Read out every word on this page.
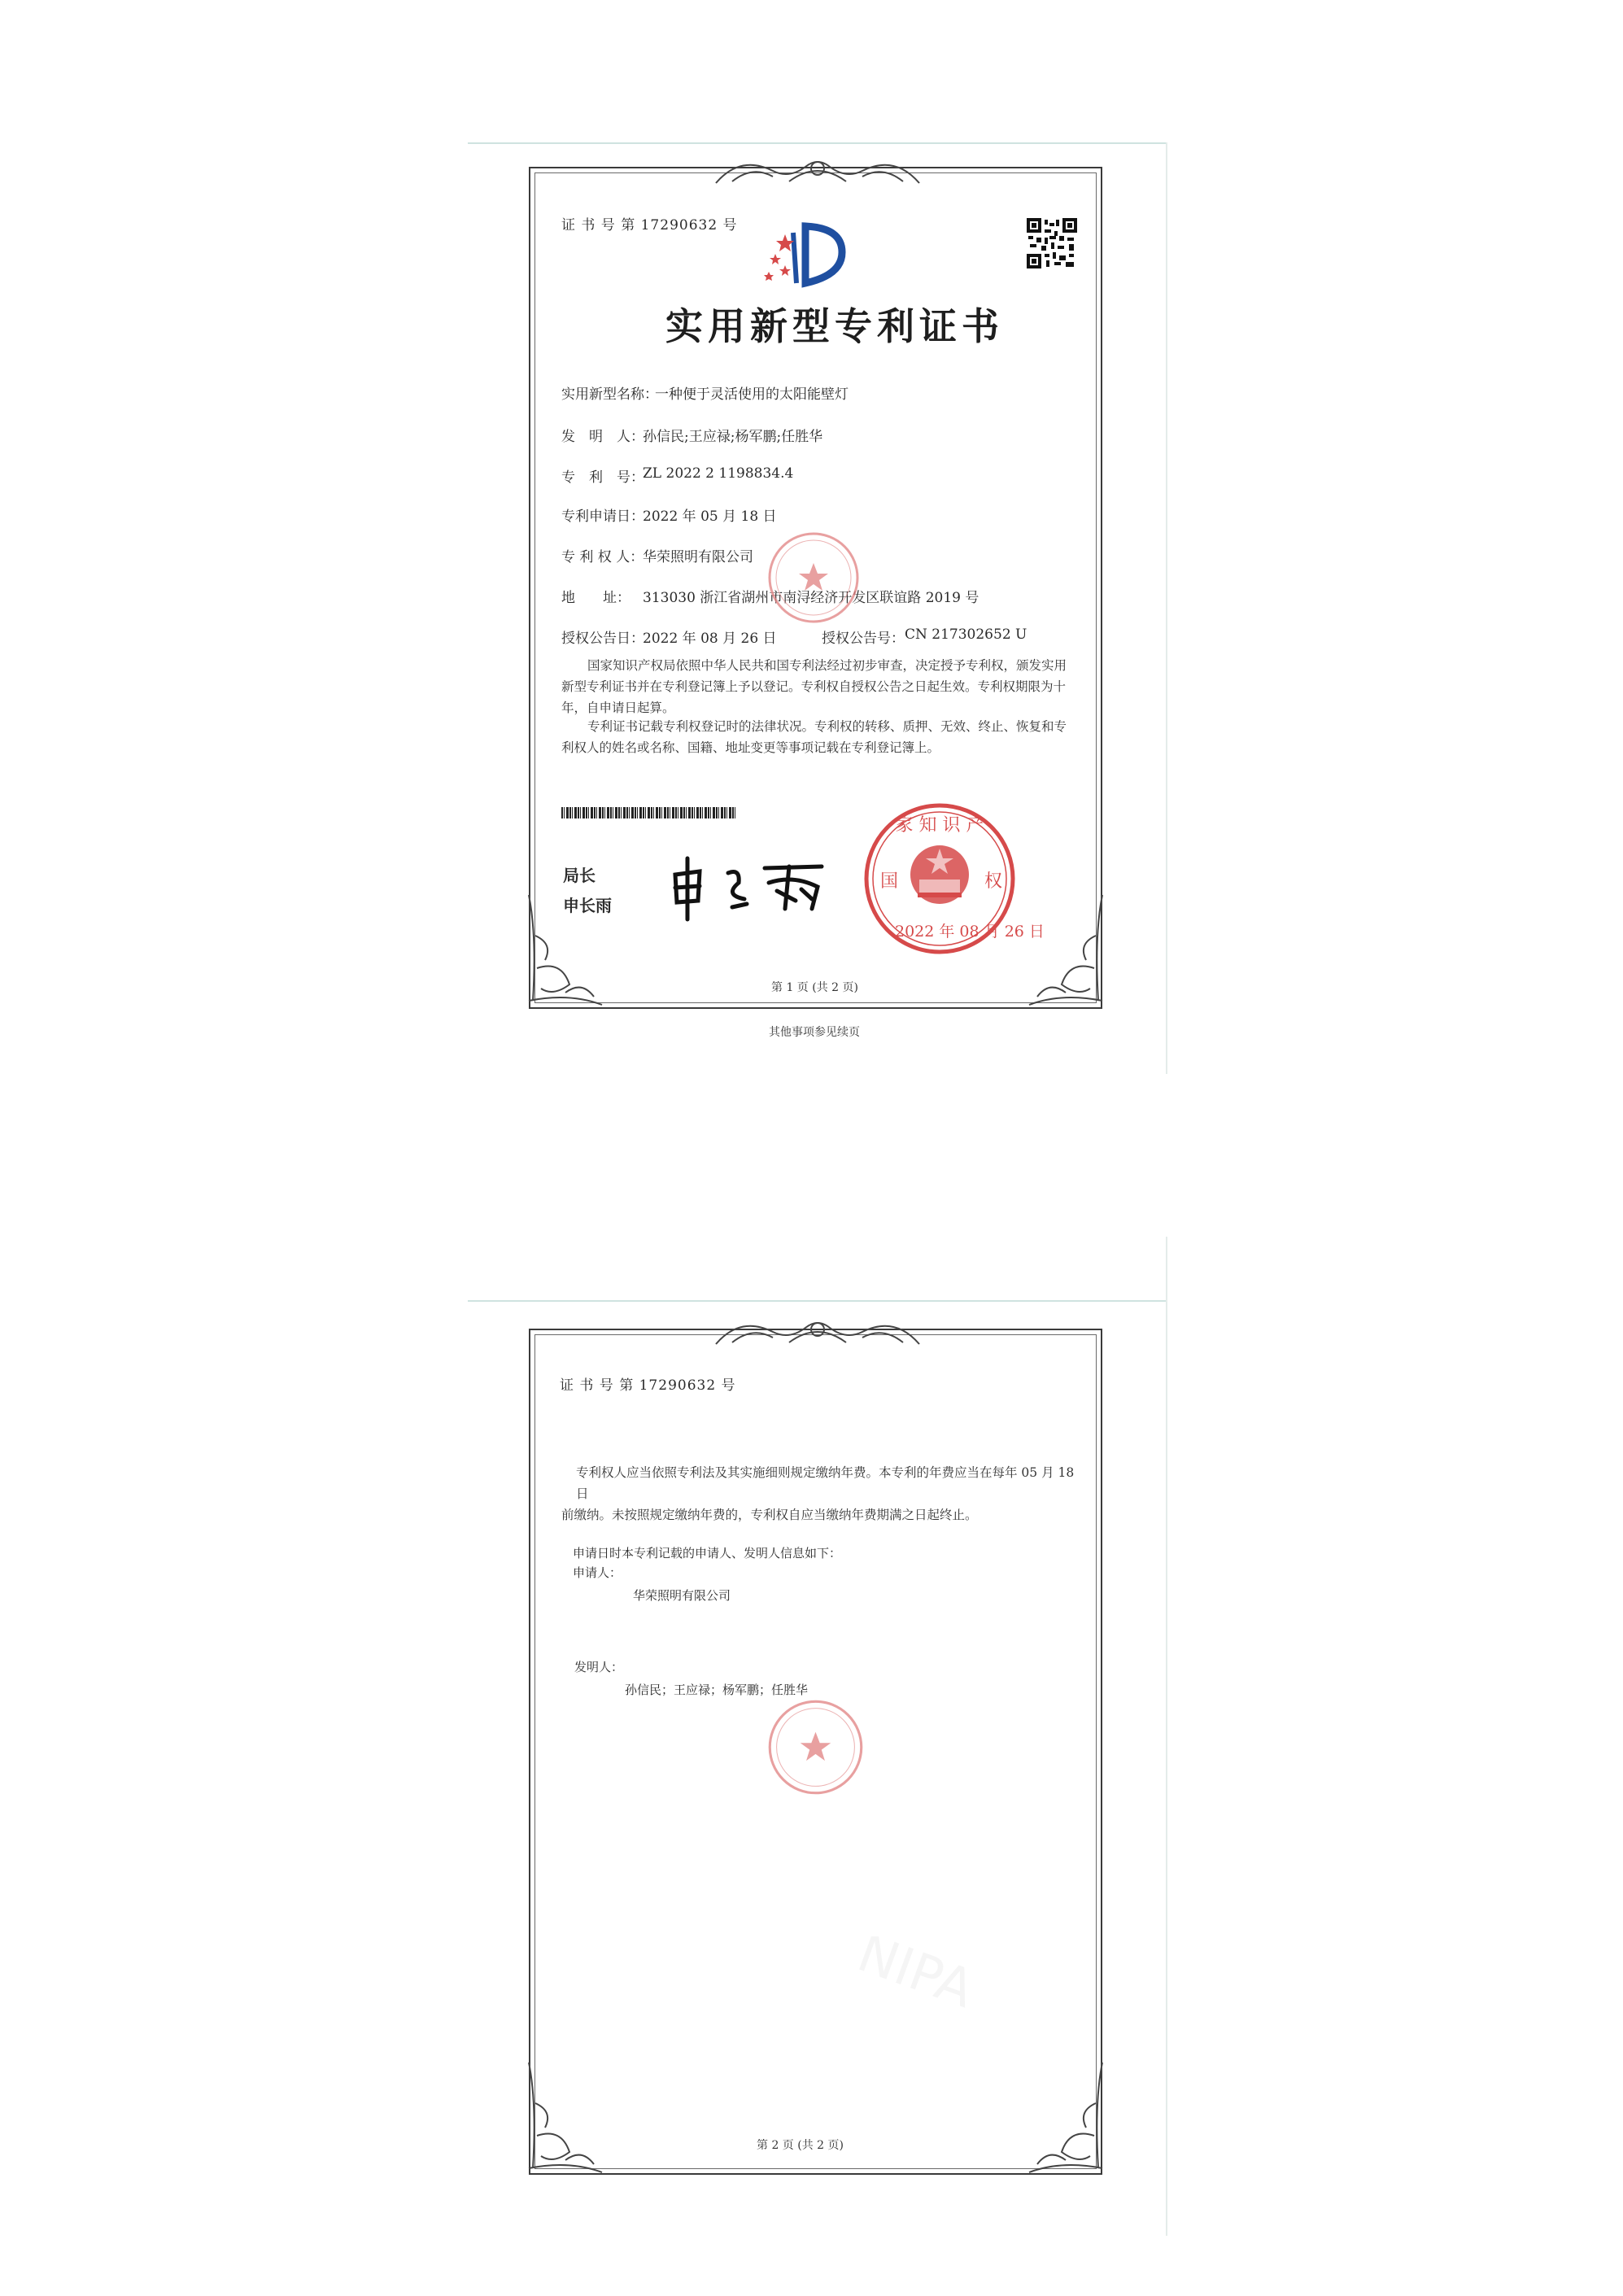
证 书 号 第 17290632 号
实用新型专利证书
实用新型名称：
一种便于灵活使用的太阳能壁灯
发　明　人：
孙信民;王应禄;杨军鹏;任胜华
专　利　号：
ZL 2022 2 1198834.4
专利申请日：
2022 年 05 月 18 日
专 利 权 人：
华荣照明有限公司
地　　址： 313030 浙江省湖州市南浔经济开发区联谊路 2019 号
授权公告日：
2022 年 08 月 26 日	授权公告号： CN 217302652 U
国家知识产权局依照中华人民共和国专利法经过初步审查，决定授予专利权，颁发实用
新型专利证书并在专利登记簿上予以登记。专利权自授权公告之日起生效。专利权期限为十
年，自申请日起算。
专利证书记载专利权登记时的法律状况。专利权的转移、质押、无效、终止、恢复和专
利权人的姓名或名称、国籍、地址变更等事项记载在专利登记簿上。
局长
申长雨
家 知 识 产
国	权
2022 年 08 月 26 日
第 1 页 (共 2 页)
其他事项参见续页
证 书 号 第 17290632 号
专利权人应当依照专利法及其实施细则规定缴纳年费。本专利的年费应当在每年 05 月 18 日
前缴纳。未按照规定缴纳年费的，专利权自应当缴纳年费期满之日起终止。
申请日时本专利记载的申请人、发明人信息如下：
申请人：
华荣照明有限公司
发明人：
孙信民；王应禄；杨军鹏；任胜华
第 2 页 (共 2 页)
